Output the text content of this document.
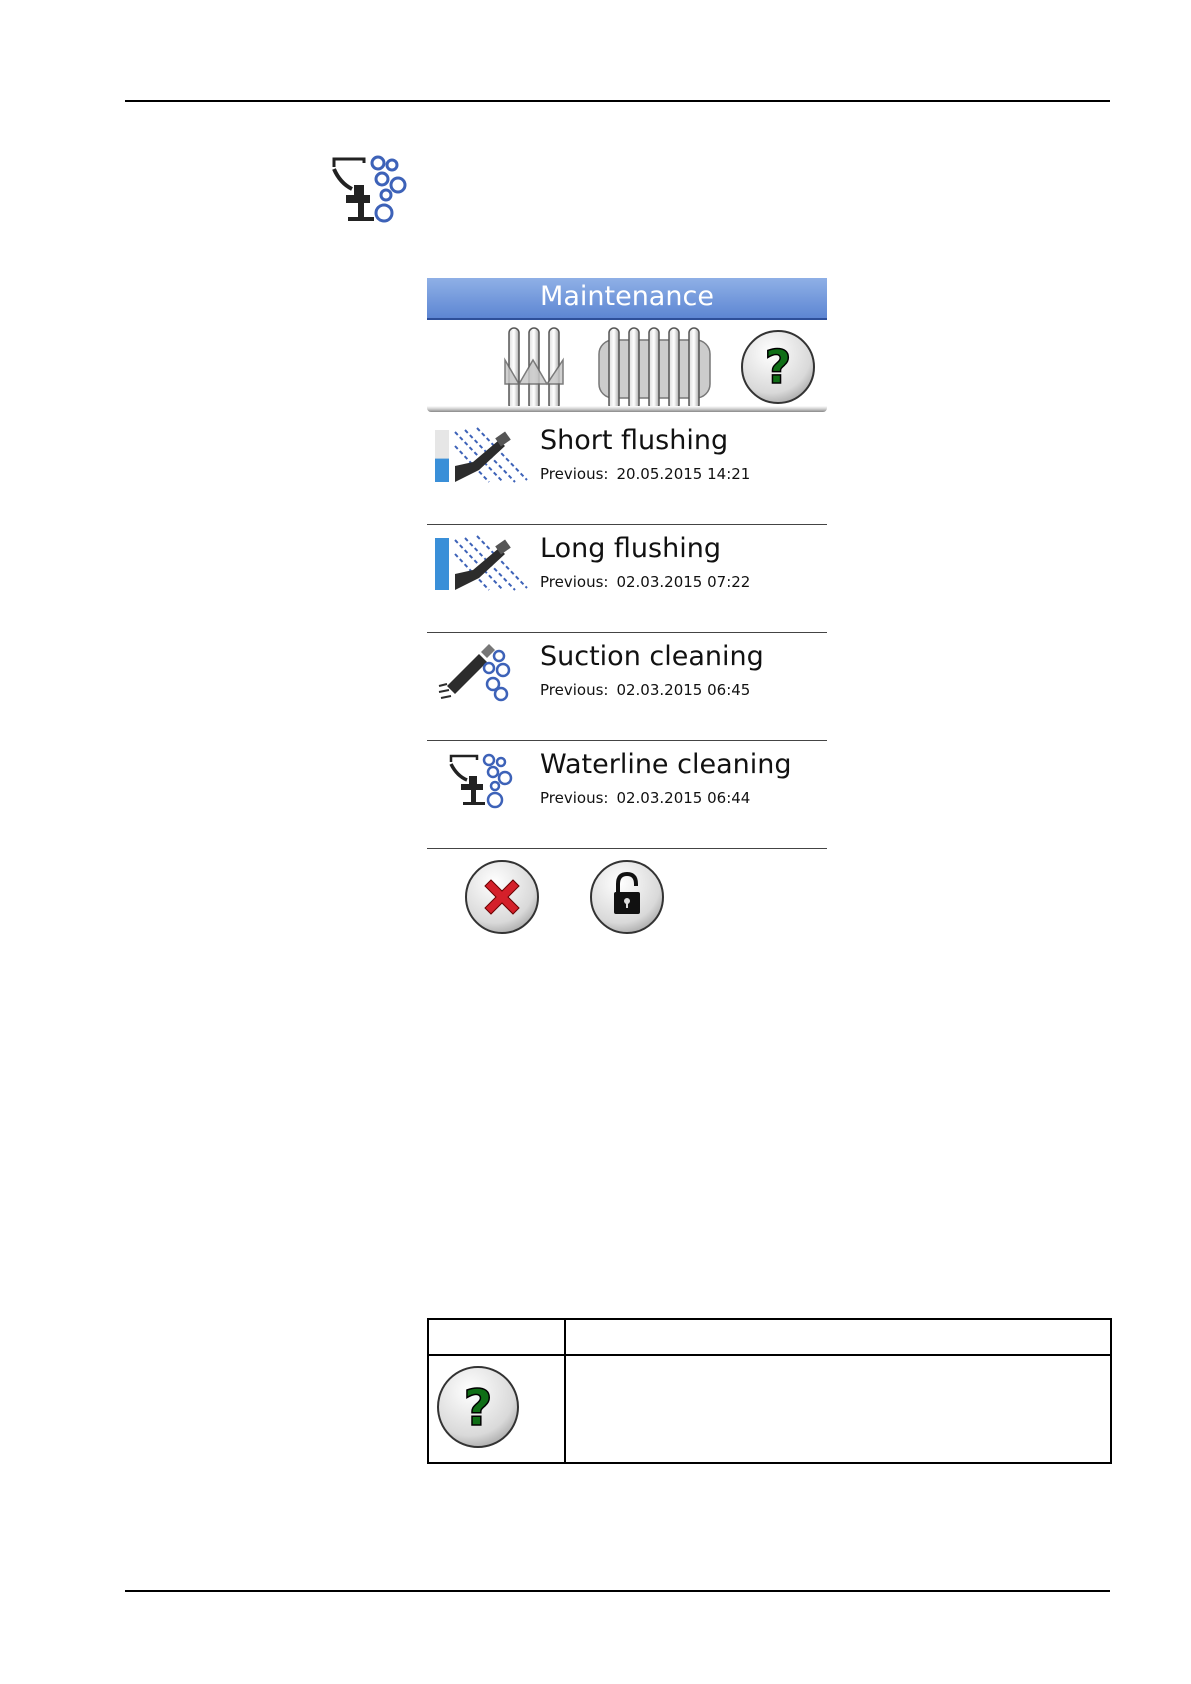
Maintenance
?
Short flushing
Previous: 20.05.2015 14:21
Long flushing
Previous: 02.03.2015 07:22
Suction cleaning
Previous: 02.03.2015 06:45
Waterline cleaning
Previous: 02.03.2015 06:44

?	
